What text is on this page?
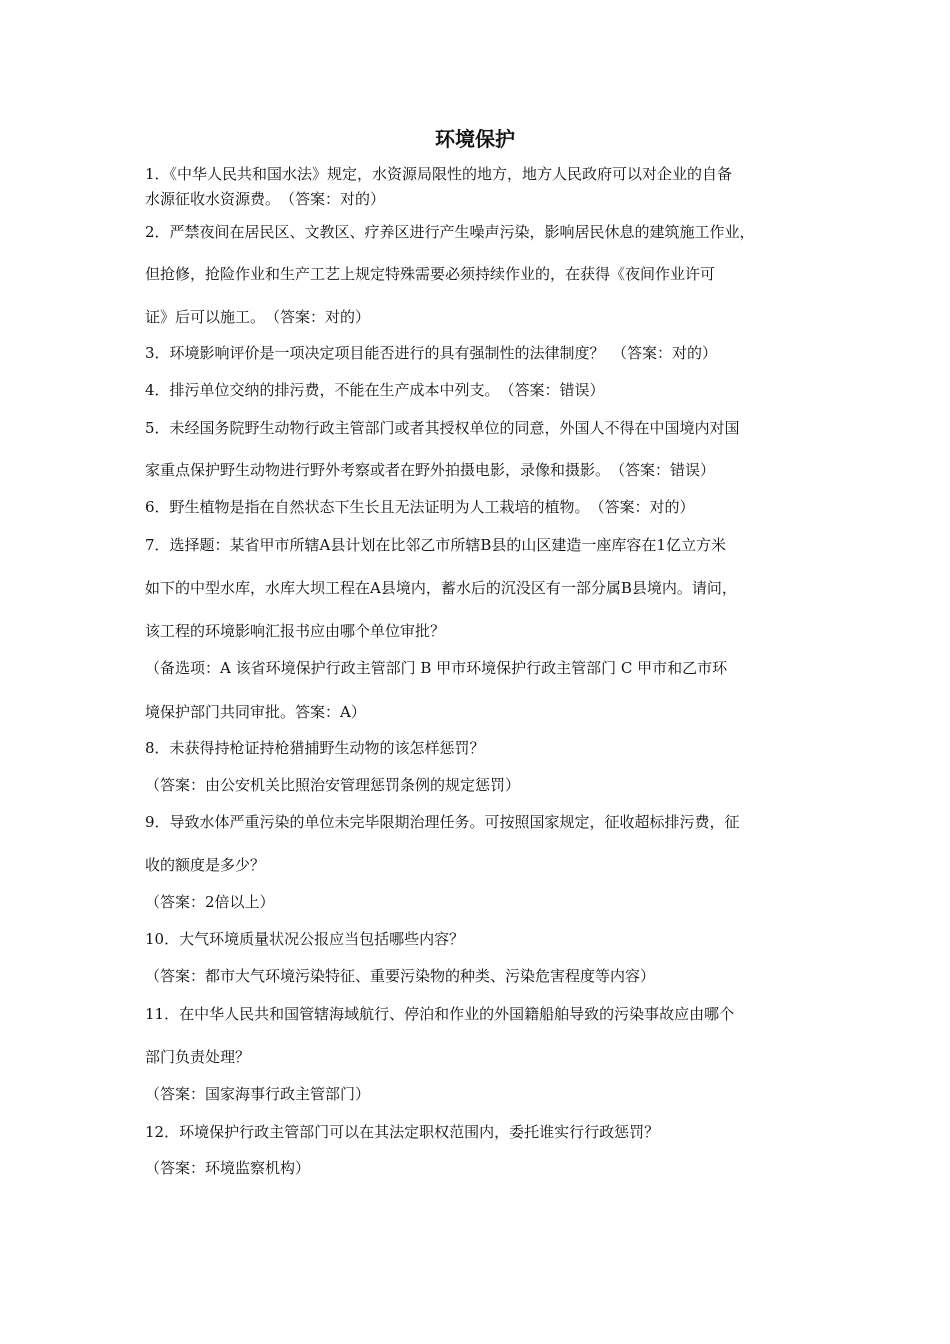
环境保护
1．《中华人民共和国水法》规定，水资源局限性的地方，地方人民政府可以对企业的自备
水源征收水资源费。　（答案：对的）
2．严禁夜间在居民区、文教区、疗养区进行产生噪声污染，影响居民休息的建筑施工作业，
但抢修，抢险作业和生产工艺上规定特殊需要必须持续作业的，在获得《夜间作业许可
证》后可以施工。　（答案：对的）
3．环境影响评价是一项决定项目能否进行的具有强制性的法律制度？　（答案：对的）
4．排污单位交纳的排污费，不能在生产成本中列支。　（答案：错误）
5．未经国务院野生动物行政主管部门或者其授权单位的同意，外国人不得在中国境内对国
家重点保护野生动物进行野外考察或者在野外拍摄电影，录像和摄影。　（答案：错误）
6．野生植物是指在自然状态下生长且无法证明为人工栽培的植物。　（答案：对的）
7．选择题：某省甲市所辖A县计划在比邻乙市所辖B县的山区建造一座库容在1亿立方米
如下的中型水库，水库大坝工程在A县境内，蓄水后的沉没区有一部分属B县境内。请问，
该工程的环境影响汇报书应由哪个单位审批？
（备选项：A 该省环境保护行政主管部门 B 甲市环境保护行政主管部门 C 甲市和乙市环
境保护部门共同审批。答案：A）
8．未获得持枪证持枪猎捕野生动物的该怎样惩罚？
（答案：由公安机关比照治安管理惩罚条例的规定惩罚）
9．导致水体严重污染的单位未完毕限期治理任务。可按照国家规定，征收超标排污费，征
收的额度是多少？
（答案：2倍以上）
10．大气环境质量状况公报应当包括哪些内容？
（答案：都市大气环境污染特征、重要污染物的种类、污染危害程度等内容）
11．在中华人民共和国管辖海域航行、停泊和作业的外国籍船舶导致的污染事故应由哪个
部门负责处理？
（答案：国家海事行政主管部门）
12．环境保护行政主管部门可以在其法定职权范围内，委托谁实行行政惩罚？
（答案：环境监察机构）
